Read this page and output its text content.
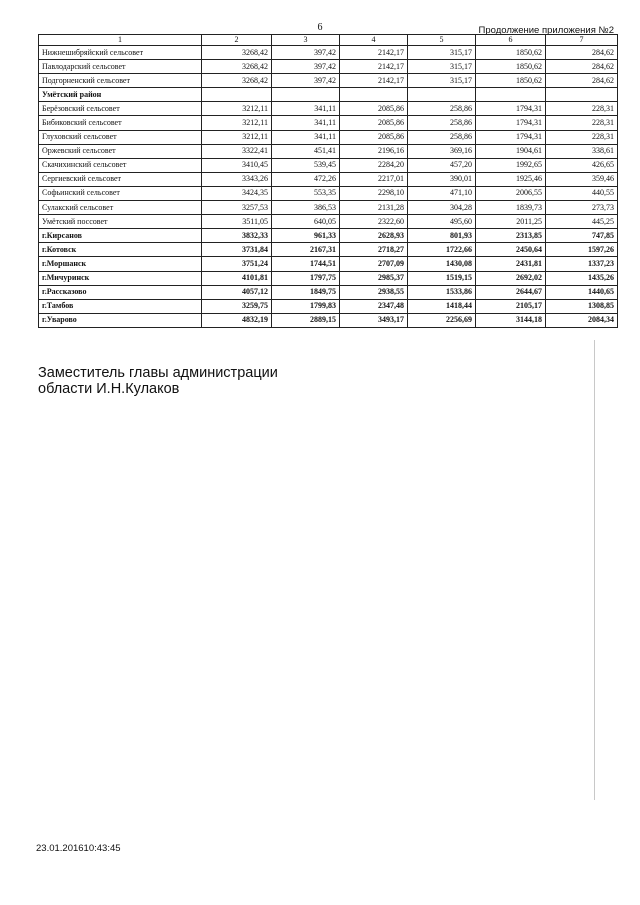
6	Продолжение приложения №2
1	2	3	4	5	6	7
Нижнешибряйский сельсовет	3268,42	397,42	2142,17	315,17	1850,62	284,62
Павлодарский сельсовет	3268,42	397,42	2142,17	315,17	1850,62	284,62
Подгорненский сельсовет	3268,42	397,42	2142,17	315,17	1850,62	284,62
Умётский район						
Берёзовский сельсовет	3212,11	341,11	2085,86	258,86	1794,31	228,31
Бибиковский сельсовет	3212,11	341,11	2085,86	258,86	1794,31	228,31
Глуховский сельсовет	3212,11	341,11	2085,86	258,86	1794,31	228,31
Оржевский сельсовет	3322,41	451,41	2196,16	369,16	1904,61	338,61
Скачихинский сельсовет	3410,45	539,45	2284,20	457,20	1992,65	426,65
Сергиевский сельсовет	3343,26	472,26	2217,01	390,01	1925,46	359,46
Софьинский сельсовет	3424,35	553,35	2298,10	471,10	2006,55	440,55
Сулакский сельсовет	3257,53	386,53	2131,28	304,28	1839,73	273,73
Умётский поссовет	3511,05	640,05	2322,60	495,60	2011,25	445,25
г.Кирсанов	3832,33	961,33	2628,93	801,93	2313,85	747,85
г.Котовск	3731,84	2167,31	2718,27	1722,66	2450,64	1597,26
г.Моршанск	3751,24	1744,51	2707,09	1430,08	2431,81	1337,23
г.Мичуринск	4101,81	1797,75	2985,37	1519,15	2692,02	1435,26
г.Рассказово	4057,12	1849,75	2938,55	1533,86	2644,67	1440,65
г.Тамбов	3259,75	1799,83	2347,48	1418,44	2105,17	1308,85
г.Уварово	4832,19	2889,15	3493,17	2256,69	3144,18	2084,34
Заместитель главы администрации
области И.Н.Кулаков
23.01.201610:43:45
